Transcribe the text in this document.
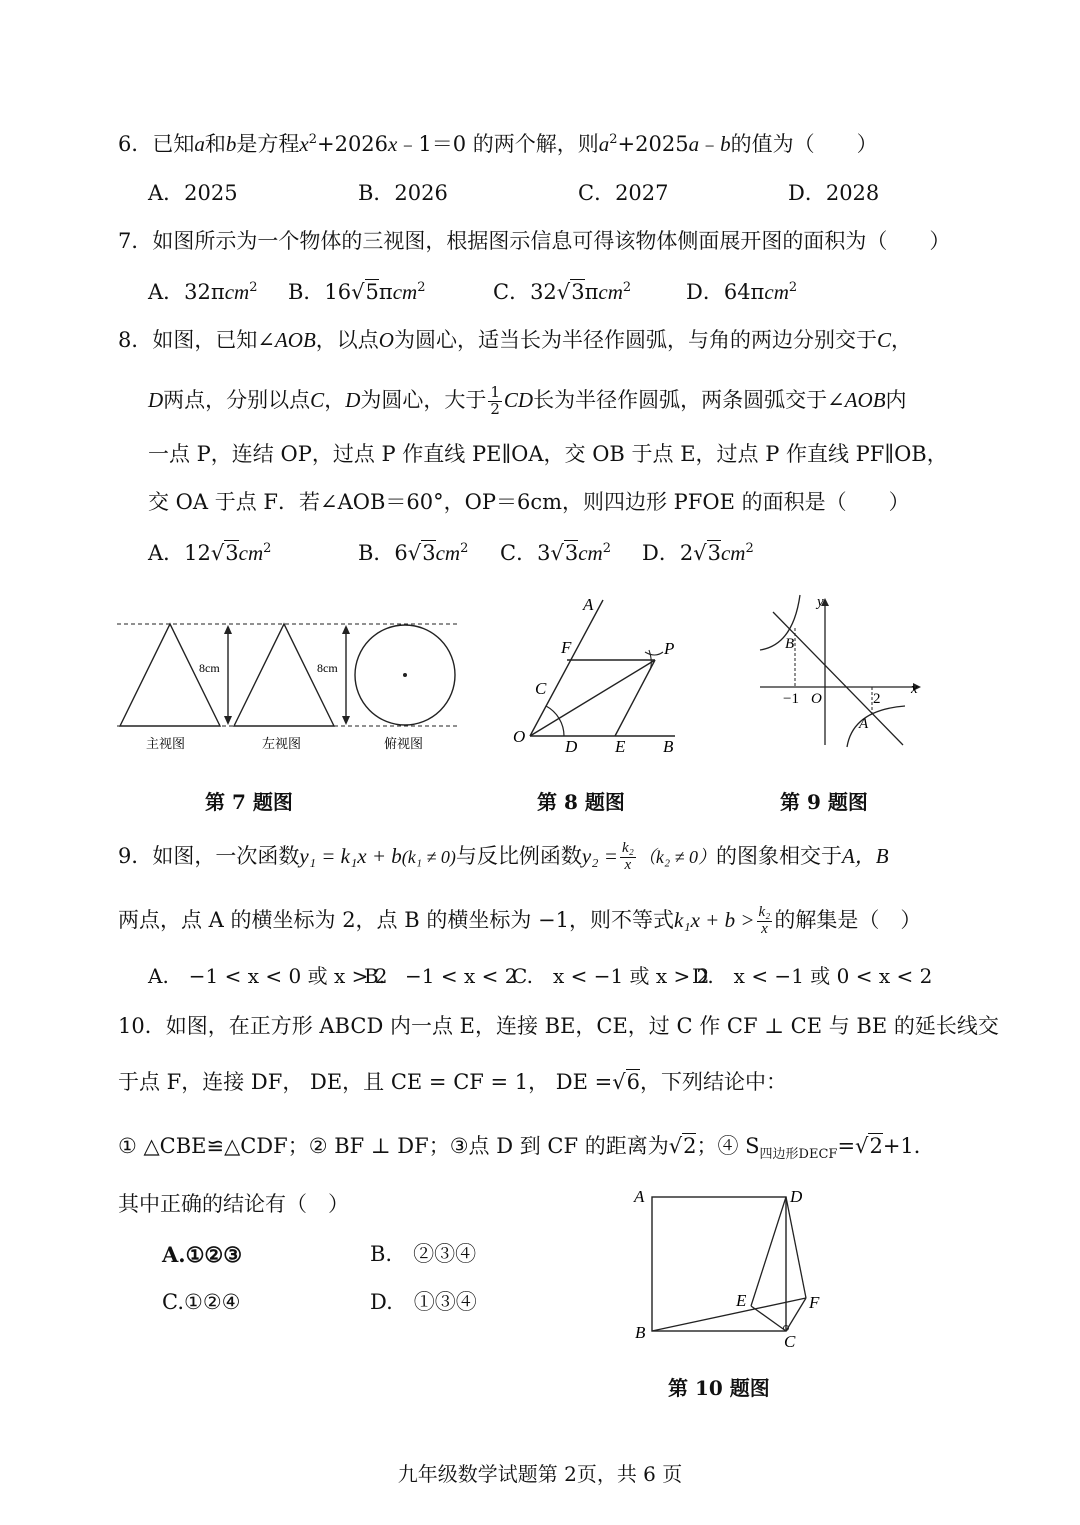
6．已知a和b是方程$x^2+2026x﹣1=0$ 的两个解，则$a^2+2025a﹣b$的值为（　　）
A．2025	B．2026	C．2027	D．2028
7．如图所示为一个物体的三视图，根据图示信息可得该物体侧面展开图的面积为（　　）
A．32πcm$^2$ B．16√5πcm$^2$	C．32√3πcm$^2$	D．64πcm$^2$
8．如图，已知∠AOB，以点O为圆心，适当长为半径作圆弧，与角的两边分别交于C，
D两点，分别以点C，D为圆心，大于 $\frac{1}{2}$ CD长为半径作圆弧，两条圆弧交于∠AOB内
一点 P，连结 OP，过点 P 作直线 PE∥OA，交 OB 于点 E，过点 P 作直线 PF∥OB，
交 OA 于点 F．若∠AOB＝60°，OP＝6cm，则四边形 PFOE 的面积是（　　）
A．$12√3cm^2$	B．$6√3cm^2$ C．$3√3cm^2$ D．$2√3cm^2$
8cm	8cm
主视图	左视图	俯视图
第 7 题图
A
F	P
C
O
D E B
第 8 题图
y
x
B
A
O
−1	2
第 9 题图
9．如图，一次函数y₁ = k₁x + b(k₁ ≠ 0)与反比例函数$y_2 = \frac{\text{k₂}}{x} (k_2 \ne 0)$的图象相交于A，B
两点，点 A 的横坐标为 2，点 B 的横坐标为 −1，则不等式$k_1x + b > \frac{\text{k₂}}{x}$ 的解集是（　）
A.　−1 < x < 0 或 x > 2
B.　−1 < x < 2
C.　x < −1 或 x > 2
D.　x < −1 或 0 < x < 2
10．如图，在正方形 ABCD 内一点 E，连接 BE，CE，过 C 作 CF ⊥ CE 与 BE 的延长线交
于点 F，连接 DF， DE，且 CE = CF = 1， DE =√6，下列结论中：
① △CBE≌△CDF；② BF ⊥ DF；③点 D 到 CF 的距离为√2；④ $S_{四边形DECF}=√2+1$．
其中正确的结论有（　）
A.①②③	B.　②③④
C.①②④	D.　①③④
A	D
E	F
B	C
第 10 题图
九年级数学试题第 2页，共 6 页
